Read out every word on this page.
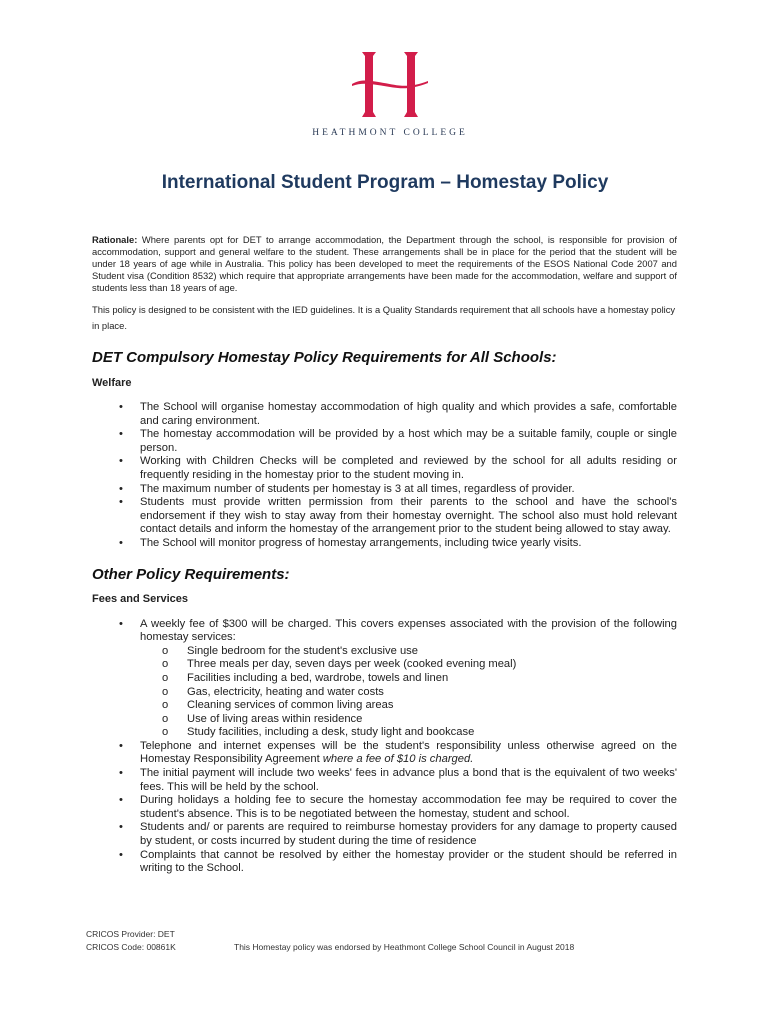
HEATHMONT COLLEGE
International Student Program – Homestay Policy
Rationale: Where parents opt for DET to arrange accommodation, the Department through the school, is responsible for provision of accommodation, support and general welfare to the student. These arrangements shall be in place for the period that the student will be under 18 years of age while in Australia. This policy has been developed to meet the requirements of the ESOS National Code 2007 and Student visa (Condition 8532) which require that appropriate arrangements have been made for the accommodation, welfare and support of students less than 18 years of age.
This policy is designed to be consistent with the IED guidelines. It is a Quality Standards requirement that all schools have a homestay policy in place.
DET Compulsory Homestay Policy Requirements for All Schools:
Welfare
• The School will organise homestay accommodation of high quality and which provides a safe, comfortable and caring environment.
• The homestay accommodation will be provided by a host which may be a suitable family, couple or single person.
• Working with Children Checks will be completed and reviewed by the school for all adults residing or frequently residing in the homestay prior to the student moving in.
• The maximum number of students per homestay is 3 at all times, regardless of provider.
• Students must provide written permission from their parents to the school and have the school's endorsement if they wish to stay away from their homestay overnight. The school also must hold relevant contact details and inform the homestay of the arrangement prior to the student being allowed to stay away.
• The School will monitor progress of homestay arrangements, including twice yearly visits.
Other Policy Requirements:
Fees and Services
• A weekly fee of $300 will be charged. This covers expenses associated with the provision of the following homestay services:
o Single bedroom for the student's exclusive use
o Three meals per day, seven days per week (cooked evening meal)
o Facilities including a bed, wardrobe, towels and linen
o Gas, electricity, heating and water costs
o Cleaning services of common living areas
o Use of living areas within residence
o Study facilities, including a desk, study light and bookcase
• Telephone and internet expenses will be the student's responsibility unless otherwise agreed on the Homestay Responsibility Agreement where a fee of $10 is charged.
• The initial payment will include two weeks' fees in advance plus a bond that is the equivalent of two weeks' fees. This will be held by the school.
• During holidays a holding fee to secure the homestay accommodation fee may be required to cover the student's absence. This is to be negotiated between the homestay, student and school.
• Students and/ or parents are required to reimburse homestay providers for any damage to property caused by student, or costs incurred by student during the time of residence
• Complaints that cannot be resolved by either the homestay provider or the student should be referred in writing to the School.
CRICOS Provider: DET
CRICOS Code: 00861K	This Homestay policy was endorsed by Heathmont College School Council in August 2018
